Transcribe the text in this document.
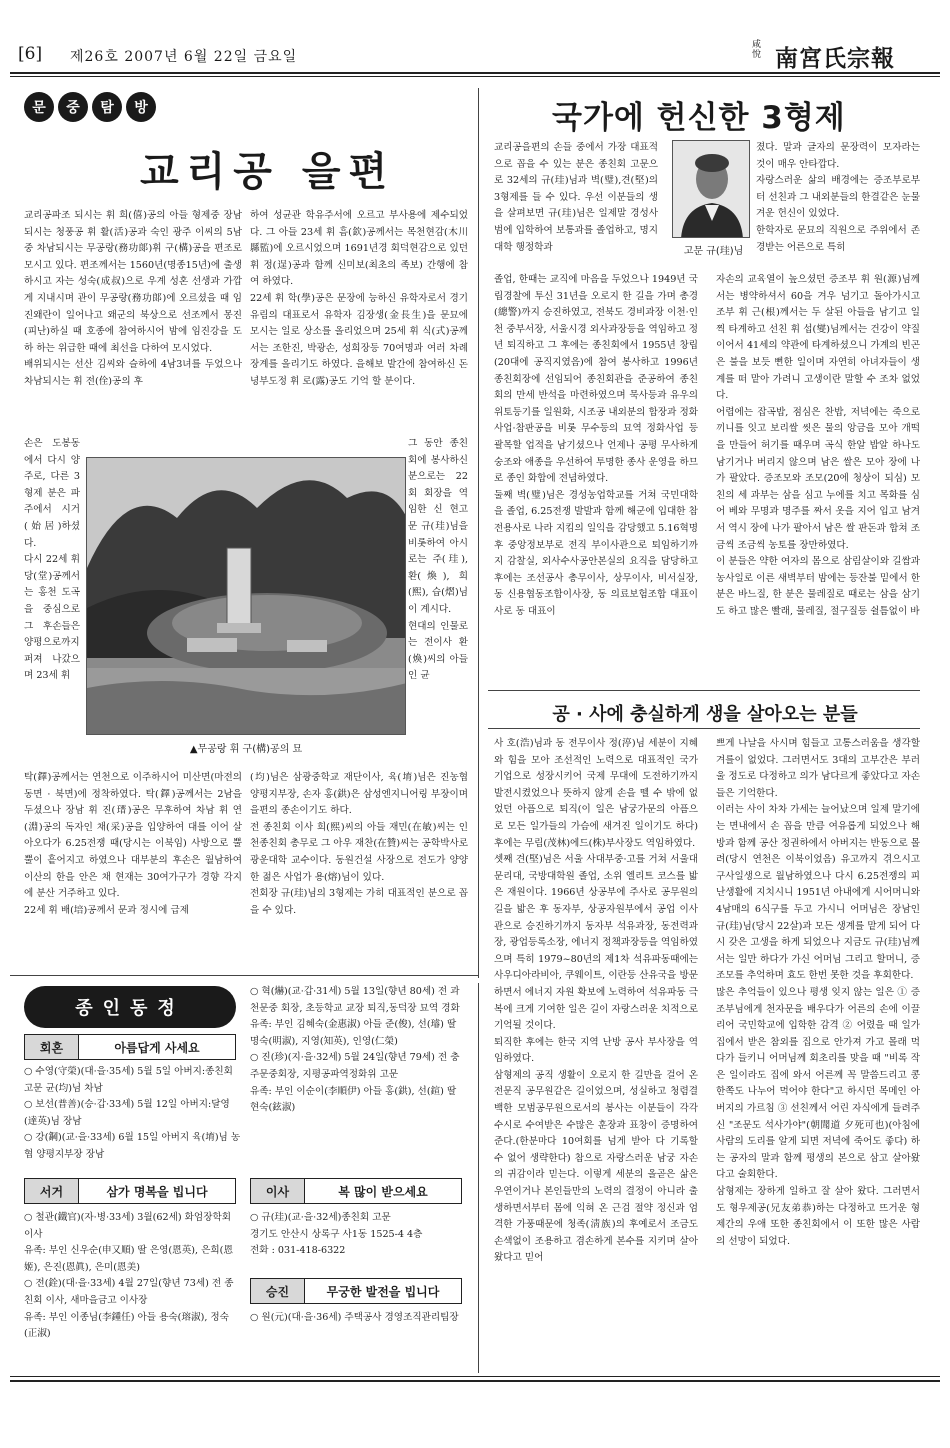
[6] 제26호 2007년 6월 22일 금요일
咸悅 南宮氏宗報
문	중	탐	방
교리공 을편
교리공파조 되시는 휘 희(僖)공의 아들 형제중 장남되시는 청풍공 휘 활(活)공과 숙인 광주 이씨의 5남중 차남되시는 무공랑(務功郞)휘 구(構)공을 편조로 모시고 있다. 편조께서는 1560년(명종15년)에 출생하시고 자는 성숙(成叔)으로 우계 성혼 선생과 가깝게 지내시며 관이 무공랑(務功郞)에 오르셨을 때 임진왜란이 일어나고 왜군의 북상으로 선조께서 몽진(피난)하실 때 호종에 참여하시어 밤에 임진강을 도하 하는 위급한 때에 최선을 다하여 모시었다.
배위되시는 선산 김씨와 슬하에 4남3녀를 두었으나 차남되시는 휘 전(佺)공의 후
하여 성균관 학유주서에 오르고 부사용에 제수되었다. 그 아들 23세 휘 흠(欽)공께서는 목천현감(木川縣監)에 오르시었으며 1691년경 회덕현감으로 있던 휘 정(逞)공과 함께 신미보(최초의 족보) 간행에 참여 하였다.
22세 휘 학(學)공은 문장에 능하신 유학자로서 경기 유림의 대표로서 유학자 김장생(金長生)을 문묘에 모시는 일로 상소를 올리었으며 25세 휘 식(式)공께서는 조한진, 박광손, 성희장등 70여명과 여러 차례 장계를 올리기도 하였다. 을해보 발간에 참여하신 돈녕부도정 휘 로(露)공도 기억 할 분이다.
손은 도봉동에서 다시 양주로, 다른 3형제 분은 파주에서 시거(始居)하셨다.
다시 22세 휘 당(堂)공께서는 홍천 도곡을 중심으로 그 후손들은 양평으로까지 퍼져 나갔으며 23세 휘
그 동안 종친회에 봉사하신 분으로는 22회 회장을 역임한 신 현고문 규(珪)님을 비롯하여 아시로는 주(珪), 환(煥), 희(熙), 습(熠)님이 계시다.
현대의 인물로는 전이사 환(煥)씨의 아들인 균
▲무공랑 휘 구(構)공의 묘
탁(鐸)공께서는 연천으로 이주하시어 미산면(마전의 동면 · 북면)에 정착하였다. 탁(鐸)공께서는 2남을 두셨으나 장남 휘 진(瑨)공은 무후하여 차남 휘 연(淵)공의 독자인 채(采)공을 입양하여 대를 이어 살아오다가 6.25전쟁 때(당시는 이북임) 사방으로 뿔뿔이 흩어지고 하였으나 대부분의 후손은 월남하여 이산의 한을 안은 채 현재는 30여가구가 경향 각지에 분산 거주하고 있다.
22세 휘 배(培)공께서 문과 정시에 급제
(均)님은 삼광중학교 재단이사, 육(堉)님은 진농협 양평지부장, 손자 홍(鉷)은 삼성엔지니어링 부장이며 을편의 종손이기도 하다.
전 종친회 이사 희(熙)씨의 아들 재민(在敏)씨는 인천종친회 총무로 그 아우 재찬(在贊)씨는 공학박사로 광운대학 교수이다. 동원건설 사장으로 전도가 양양한 젊은 사업가 용(熔)님이 있다.
전회장 규(珪)님의 3형제는 가히 대표적인 분으로 꼽을 수 있다.
국가에 헌신한 3형제
교리공을편의 손들 중에서 가장 대표적으로 꼽을 수 있는 분은 종친회 고문으로 32세의 규(珪)님과 벽(璧),견(堅)의 3형제를 들 수 있다. 우선 이분들의 생을 살펴보면 규(珪)님은 일제말 경성사범에 입학하여 보통과를 졸업하고, 명지대학 행정학과	고문 규(珪)님
졌다. 말과 글자의 문장력이 모자라는 것이 매우 안타깝다.
자랑스러운 삶의 배경에는 증조부로부터 선친과 그 내외분들의 한결같은 눈물겨운 헌신이 있었다.
한학자로 문묘의 직원으로 주위에서 존경받는 어른으로 특히
졸업, 한때는 교직에 마음을 두었으나 1949년 국립경찰에 투신 31년을 오로지 한 길을 가며 총경(總警)까지 승진하였고, 전북도 경비과장 이천·인천 중부서장, 서울시경 외사과장등을 역임하고 정년 퇴직하고 그 후에는 종친회에서 1955년 창립(20대에 공직지였음)에 참여 봉사하고 1996년 종친회장에 선임되어 종친회관을 준공하여 종친회의 만세 반석을 마련하였으며 묵사등과 유우의 위토등기를 일원화, 시조공 내외분의 합장과 정화사업·참판공을 비롯 무수등의 묘역 정화사업 등 괄목할 업적을 남기셨으나 언제나 공평 무사하게 숭조와 애종을 우선하여 투명한 종사 운영을 하므로 종인 화합에 전념하였다.
둘째 벽(璧)님은 경성농업학교를 거쳐 국민대학을 졸업, 6.25전쟁 발발과 함께 해군에 입대한 참전용사로 나라 지킴의 일익을 감당했고 5.16혁명 후 중앙정보부로 전직 부이사관으로 퇴임하기까지 감찰실, 외사수사공안본실의 요직을 담당하고 후에는 조선공사 총무이사, 상무이사, 비서실장, 동 신용협동조합이사장, 동 의료보험조합 대표이사로 동 대표이
자손의 교육열이 높으셨던 증조부 휘 원(源)님께서는 병약하셔서 60을 겨우 넘기고 돌아가시고 조부 휘 근(根)께서는 두 살된 아들을 남기고 일찍 타계하고 선친 휘 섭(燮)님께서는 건강이 약질이어서 41세의 약관에 타계하셨으니 가계의 빈곤은 불을 보듯 뻔한 일이며 자연히 아녀자들이 생계를 떠 맡아 가려니 고생이란 말할 수 조차 없었다.
어렵에는 잡곡밥, 점심은 찬밥, 저녁에는 죽으로 끼니를 잇고 보리쌀 씻은 물의 앙금을 모아 개떡을 만들어 허기를 때우며 곡식 한알 밥알 하나도 남기거나 버리지 않으며 남은 쌀은 모아 장에 나가 팔았다. 증조모와 조모(20에 청상이 되심) 모친의 세 과부는 삼을 심고 누에를 치고 목화를 심어 베와 무명과 명주를 짜서 옷을 지어 입고 남겨서 역시 장에 나가 팔아서 남은 쌀 판돈과 합쳐 조금씩 조금씩 농토를 장만하였다.
이 분들은 약한 여자의 몸으로 삼림살이와 길쌈과 농사일로 이른 새벽부터 밤에는 등잔불 밑에서 한 분은 바느질, 한 분은 물레질로 때로는 삼을 삼기도 하고 많은 빨래, 물레질, 절구질등 쉴틈없이 바
공 · 사에 충실하게 생을 살아오는 분들
사 호(浩)님과 동 전무이사 정(渟)님 세분이 지혜와 힘을 모아 조선적인 노력으로 대표적인 국가 기업으로 성장시키어 국제 무대에 도전하기까지 발전시켰었으나 뜻하지 않게 손을 뗄 수 밖에 없었던 아픔으로 퇴직(이 일은 남궁가문의 아픔으로 모든 일가들의 가슴에 새겨진 일이기도 하다) 후에는 무림(茂林)에드(株)부사장도 역임하였다.
셋째 견(堅)님은 서울 사대부중·고를 거쳐 서울대 문리대, 국방대학원 졸업, 소위 엘리트 코스를 밟은 재원이다. 1966년 상공부에 주사로 공무원의 길을 밟은 후 동자부, 상공자원부에서 공업 이사관으로 승진하기까지 동자부 석유과장, 동전력과장, 광업등록소장, 에너지 정책과장등을 역임하였으며 특히 1979~80년의 제1차 석유파동때에는 사우디아라비아, 쿠웨이트, 이란등 산유국을 방문하면서 에너지 자원 확보에 노력하여 석유파동 극복에 크게 기여한 일은 길이 자랑스러운 치적으로 기억될 것이다.
퇴직한 후에는 한국 지역 난방 공사 부사장을 역임하였다.
삼형제의 공직 생활이 오로지 한 길만을 걸어 온 전문직 공무원같은 길이었으며, 성실하고 청렴결백한 모범공무원으로서의 봉사는 이분들이 각각 수시로 수여받은 수많은 훈장과 표창이 증명하여 준다.(한분마다 10여회를 넘게 받아 다 기록할 수 없어 생략한다) 참으로 자랑스러운 남궁 자손의 귀감이라 믿는다. 이렇게 세분의 올곧은 삶은 우연이거나 본인들만의 노력의 결정이 아니라 출생하면서부터 몸에 익혀 온 근검 절약 정신과 엄격한 가풍때문에 청족(淸族)의 후예로서 조금도 손색없이 조용하고 겸손하게 본수를 지키며 살아 왔다고 믿어
쁘게 나날을 사시며 힘들고 고통스러움을 생각할 겨를이 없었다. 그러면서도 3대의 고부간은 부러울 정도로 다정하고 의가 남다르게 좋았다고 자손들은 기억한다.
이러는 사이 차차 가세는 늘어났으며 일제 말기에는 면내에서 손 꼽을 만큼 여유롭게 되었으나 해방과 함께 공산 정권하에서 아버지는 반동으로 몰려(당시 연천은 이북이었음) 유고까지 겪으시고 구사일생으로 월남하였으나 다시 6.25전쟁의 피난생활에 지치시니 1951년 아내에게 시어머니와 4남매의 6식구를 두고 가시니 어머님은 장남인 규(珪)님(당시 22살)과 모든 생계를 맡게 되어 다시 갖은 고생을 하게 되었으나 지금도 규(珪)님께서는 일만 하다가 가신 어머님 그리고 할머니, 증조모를 추억하며 효도 한번 못한 것을 후회한다.
많은 추억들이 있으나 평생 잊지 않는 일은 ① 증조부님에게 천자문을 배우다가 어른의 손에 이끌리어 국민학교에 입학한 감격 ② 어렸을 때 일가집에서 받은 참외를 집으로 안가져 가고 몰래 먹다가 들키니 어머님께 회초리를 맞을 때 "비록 작은 일이라도 집에 와서 어른께 꼭 말씀드리고 콩 한쪽도 나누어 먹어야 한다"고 하시던 목메인 아버지의 가르침 ③ 선친께서 어린 자식에게 들려주신 "조문도 석사가야"(朝聞道 夕死可也)(아침에 사람의 도리를 알게 되면 저녁에 죽어도 좋다) 하는 공자의 말과 함께 평생의 본으로 삼고 살아왔다고 술회한다.
삼형제는 장하게 일하고 잘 살아 왔다. 그러면서도 형우제공(兄友弟恭)하는 다정하고 뜨거운 형제간의 우애 또한 종친회에서 이 또한 많은 사람의 선망이 되었다.
종인동정
회혼	아름답게 사세요
○ 수영(守榮)(대·을·35세) 5월 5일 아버지:종친회 고문 균(均)님 차남
○ 보선(普善)(승·갑·33세) 5월 12일 아버지:달영(達英)님 장남
○ 강(鋼)(교·을·33세) 6월 15일 아버지 육(堉)님 농협 양평지부장 장남
서거	삼가 명복을 빕니다
○ 철관(鐵官)(자·병·33세) 3월(62세) 화엄장학회 이사
유족: 부인 신우순(申又順) 딸 은영(恩英), 은희(恩姬), 은진(恩眞), 은미(恩美)
○ 전(銓)(대·을·33세) 4월 27일(향년 73세) 전 종친회 이사, 새마을금고 이사장
유족: 부인 이종님(李鍾任) 아들 용숙(瑢淑), 정숙(正淑)
○ 혁(爀)(교·갑·31세) 5월 13일(향년 80세) 전 과천문중 회장, 초등학교 교장 퇴직,동덕장 묘역 경화
유족: 부인 김혜숙(金惠淑) 아들 준(俊), 선(璿) 딸 명숙(明淑), 지영(知英), 인영(仁榮)
○ 진(珍)(지·을·32세) 5월 24일(향년 79세) 전 충주문중회장, 지평공파역정화위 고문
유족: 부인 이순이(李順伊) 아들 홍(鉷), 선(鍹) 딸 현숙(鉉淑)
이사	복 많이 받으세요
○ 규(珪)(교·을·32세)종친회 고문
경기도 안산시 상록구 사1동 1525-4 4층
전화 : 031-418-6322
승진	무궁한 발전을 빕니다
○ 원(元)(대·을·36세) 주택공사 경영조직관리팀장
